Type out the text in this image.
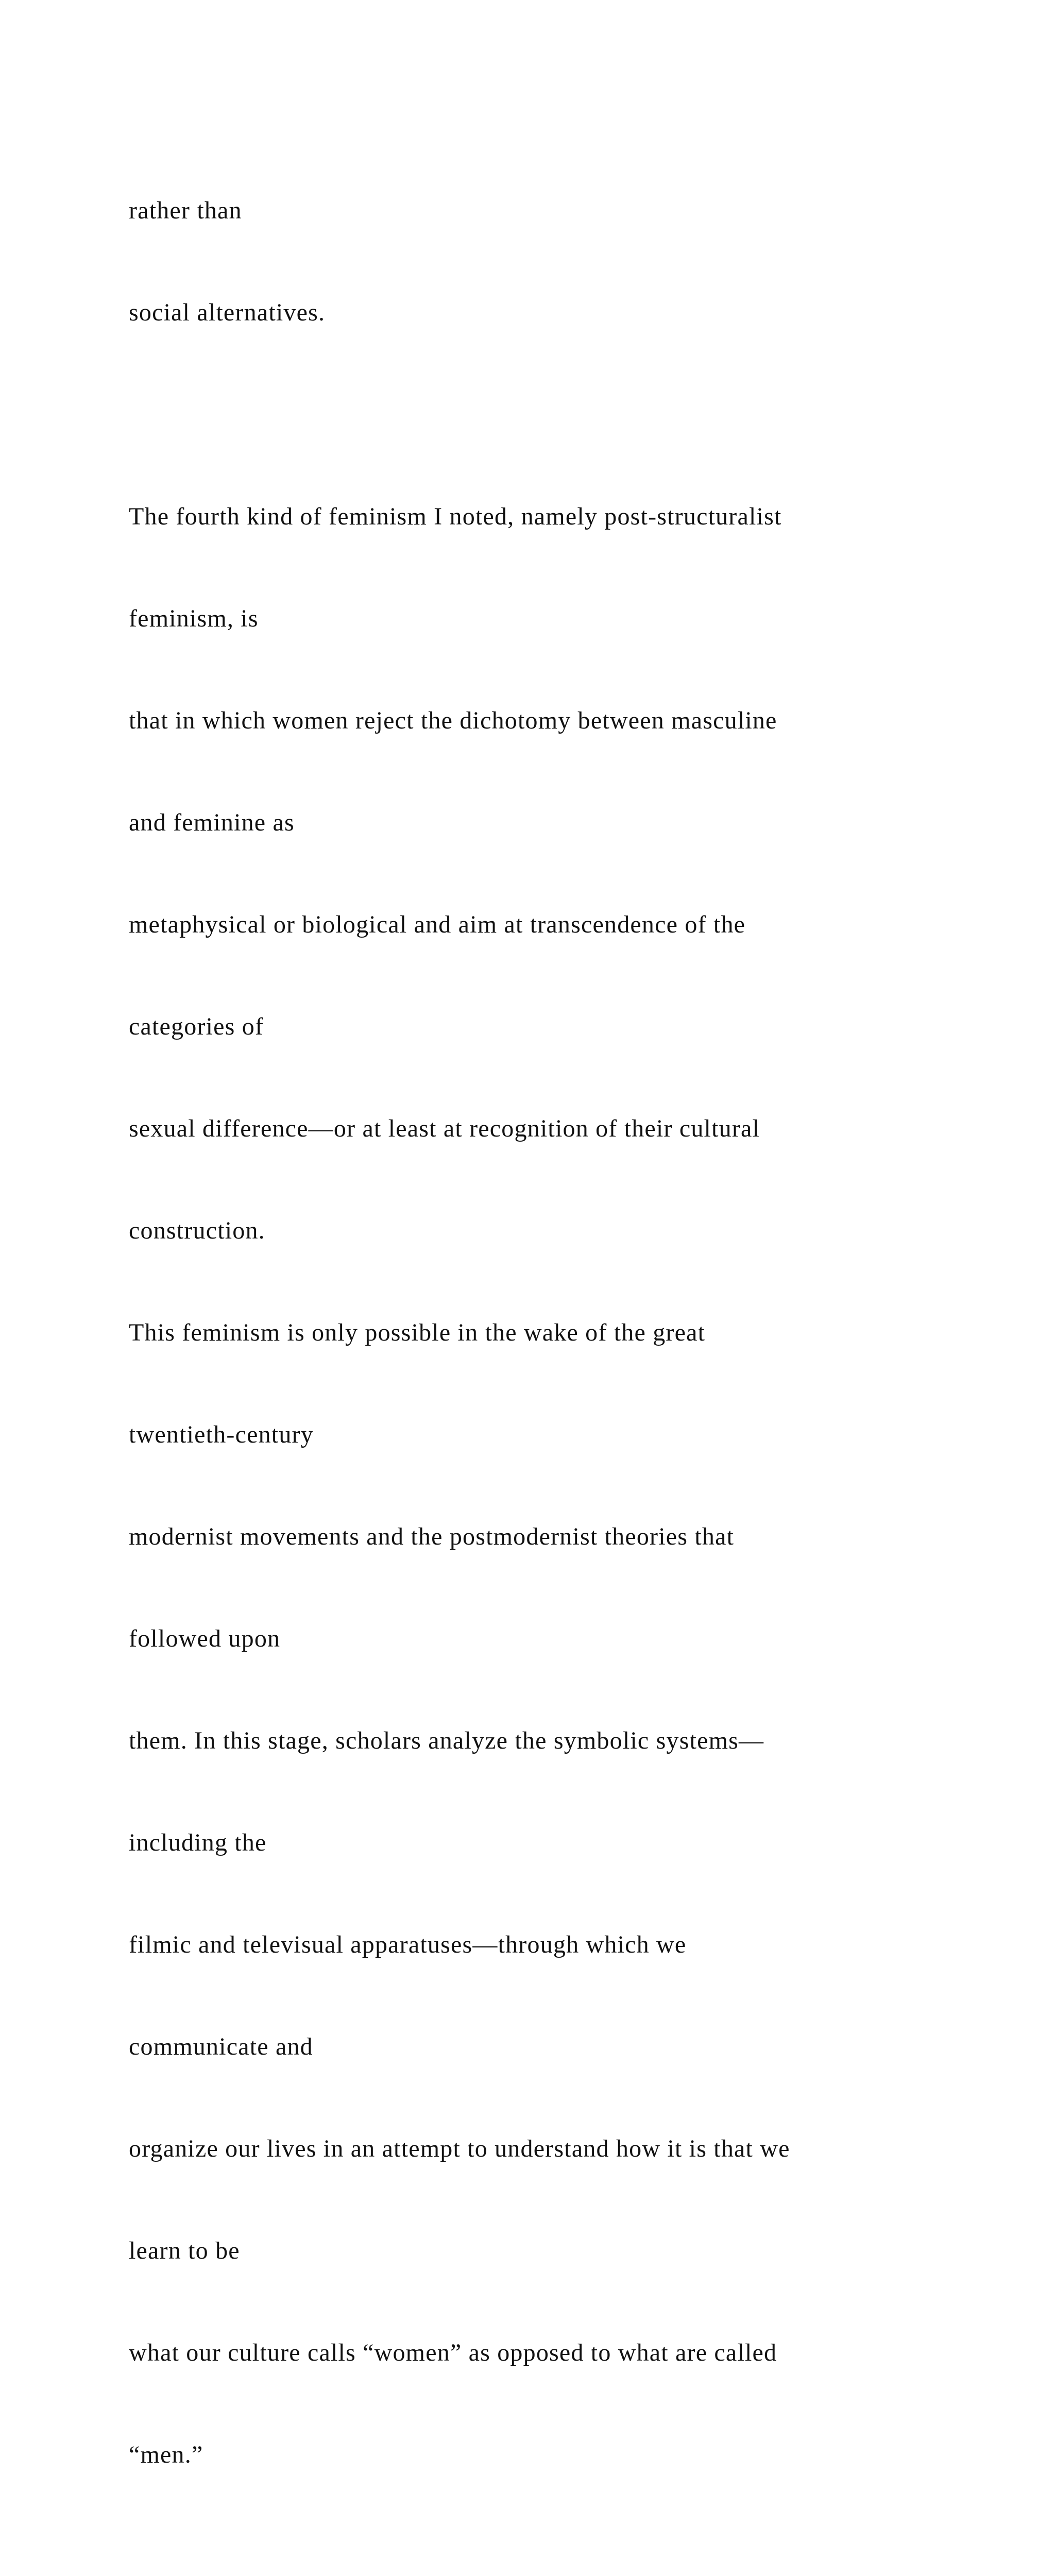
rather than

social alternatives.

The fourth kind of feminism I noted, namely post-structuralist

feminism, is

that in which women reject the dichotomy between masculine

and feminine as

metaphysical or biological and aim at transcendence of the

categories of

sexual difference—or at least at recognition of their cultural

construction.

This feminism is only possible in the wake of the great

twentieth-century

modernist movements and the postmodernist theories that

followed upon

them. In this stage, scholars analyze the symbolic systems—

including the

filmic and televisual apparatuses—through which we

communicate and

organize our lives in an attempt to understand how it is that we

learn to be

what our culture calls “women” as opposed to what are called

“men.”
